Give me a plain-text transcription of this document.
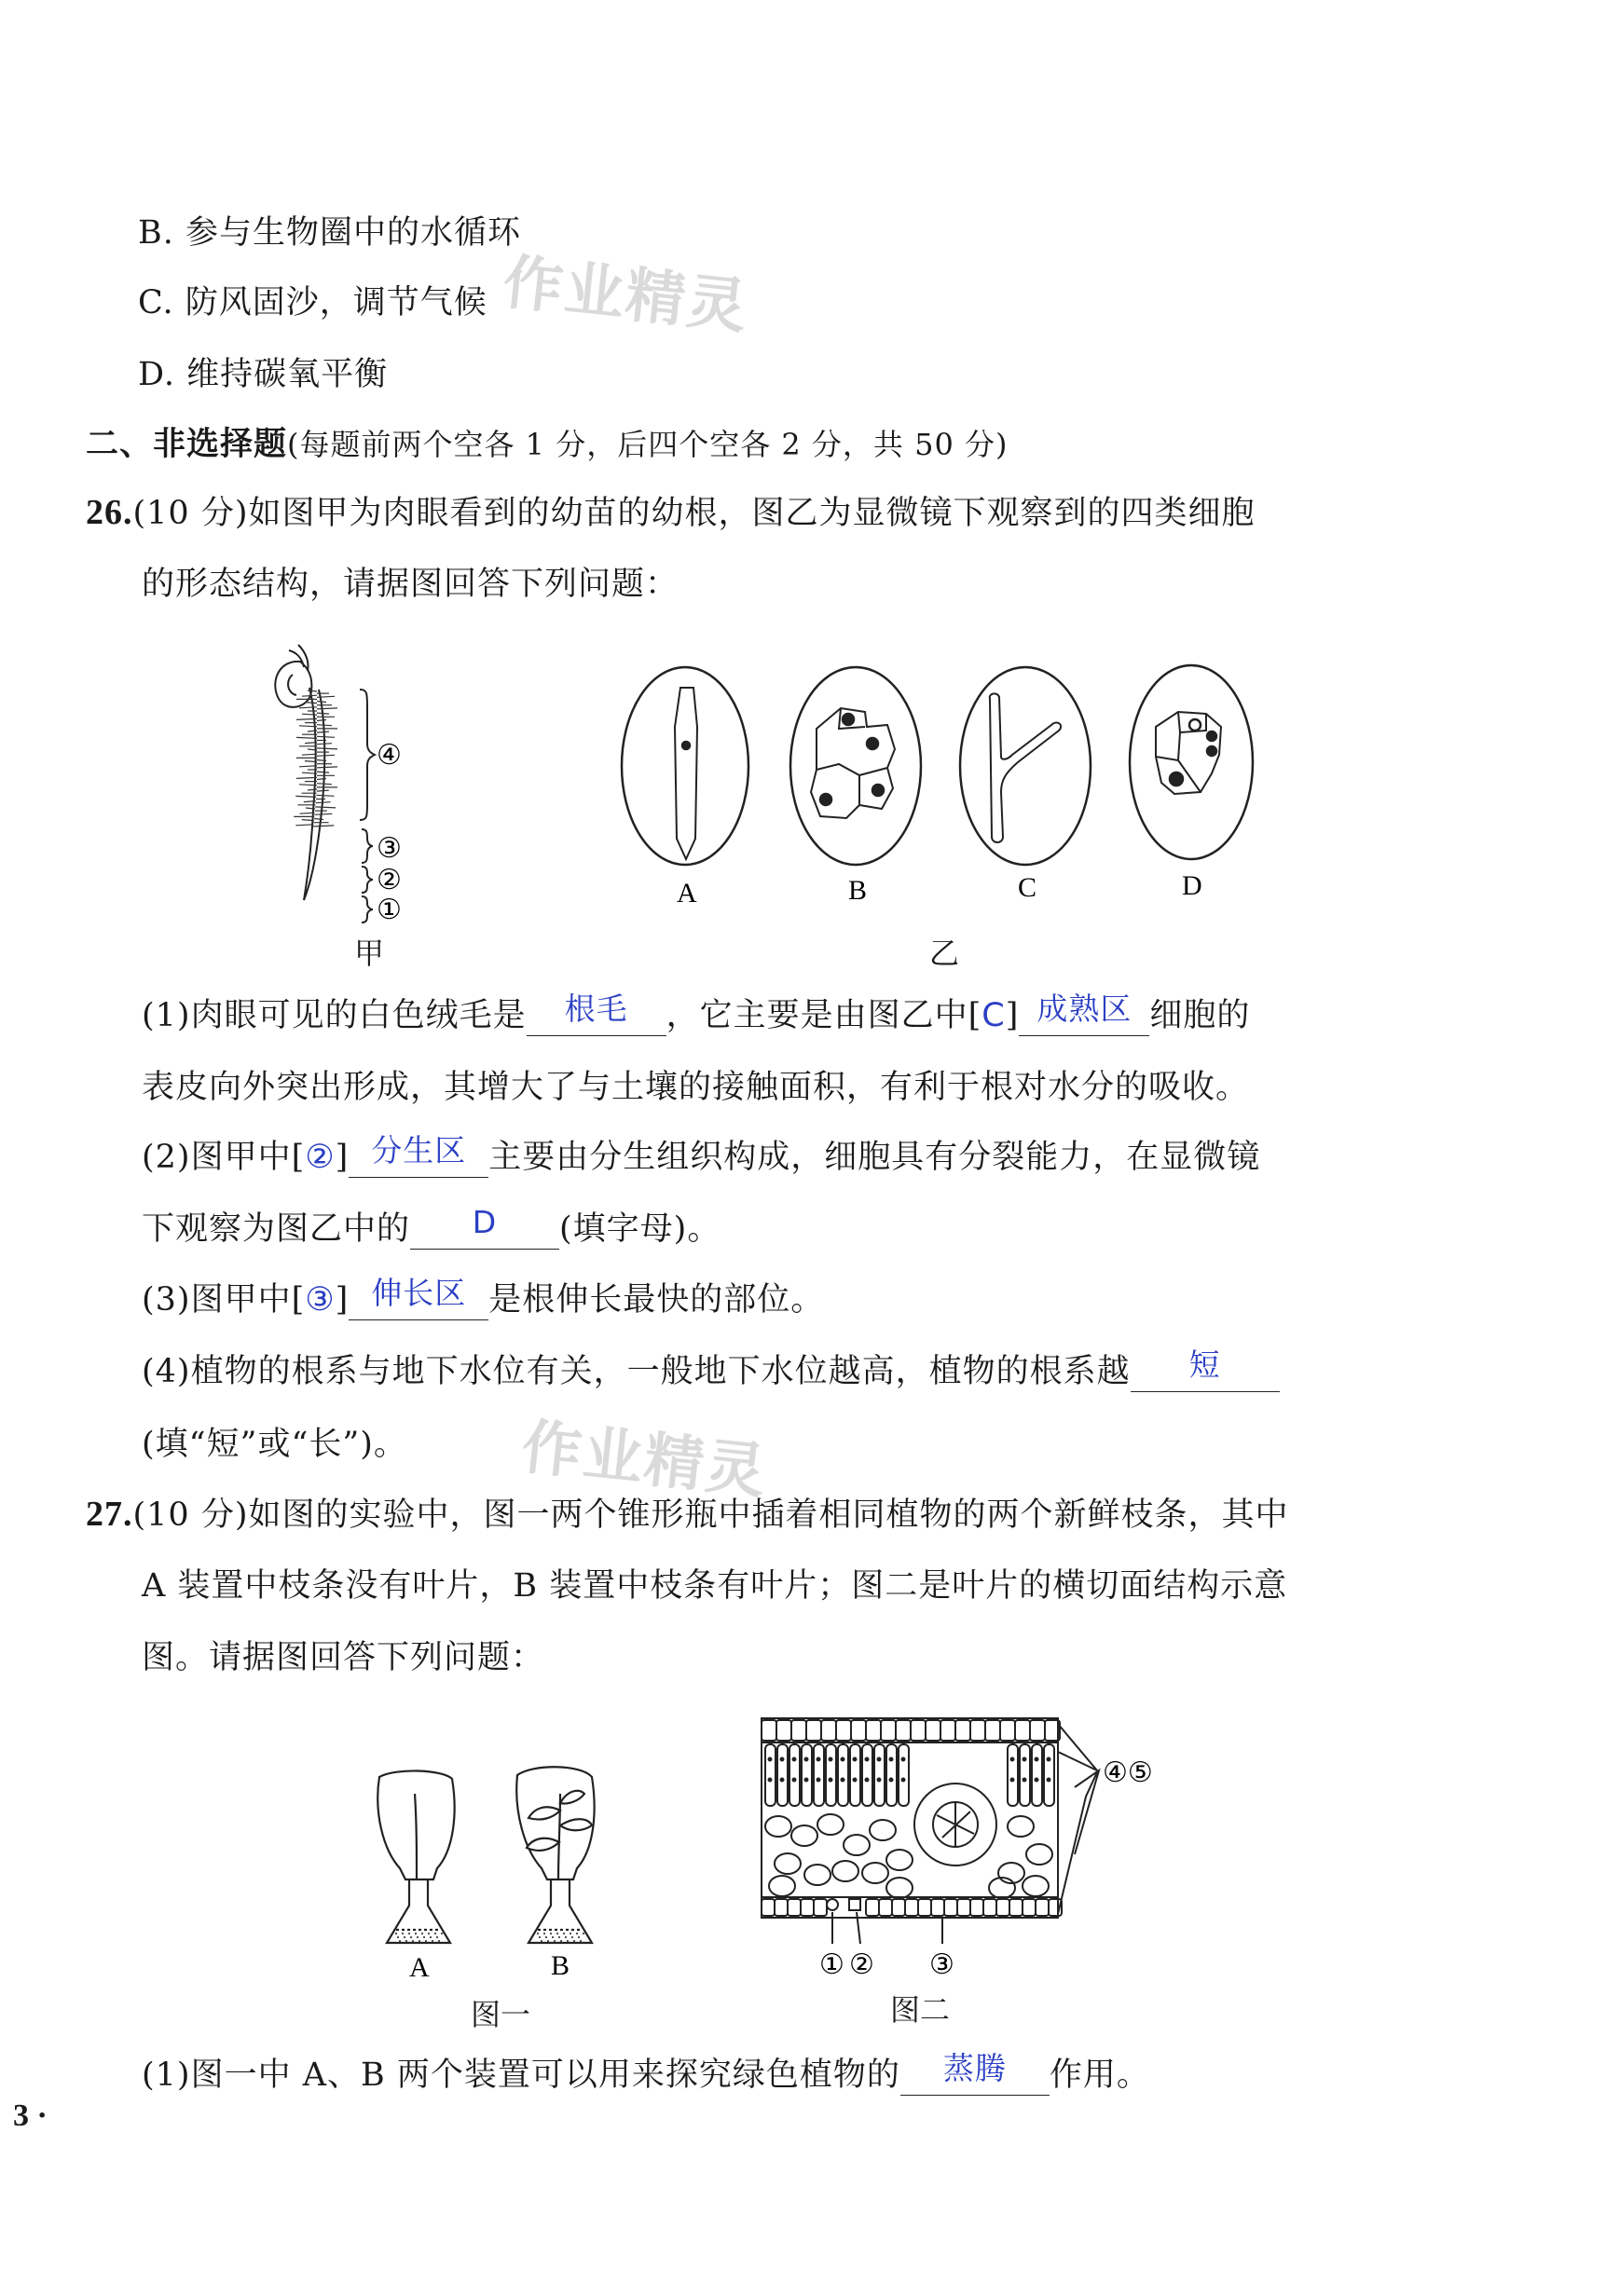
B. 参与生物圈中的水循环
C. 防风固沙，调节气候
D. 维持碳氧平衡
作业精灵
二、非选择题(每题前两个空各 1 分，后四个空各 2 分，共 50 分)
26.(10 分)如图甲为肉眼看到的幼苗的幼根，图乙为显微镜下观察到的四类细胞
的形态结构，请据图回答下列问题：
④
③
②
①
甲
A	B	C	D
乙
(1)肉眼可见的白色绒毛是	根毛	，它主要是由图乙中[C] 成熟区 细胞的
表皮向外突出形成，其增大了与土壤的接触面积，有利于根对水分的吸收。
(2)图甲中[②] 分生区 主要由分生组织构成，细胞具有分裂能力，在显微镜
下观察为图乙中的	D	(填字母)。
(3)图甲中[③] 伸长区 是根伸长最快的部位。
(4)植物的根系与地下水位有关，一般地下水位越高，植物的根系越	短
(填“短”或“长”)。 作业精灵
27.(10 分)如图的实验中，图一两个锥形瓶中插着相同植物的两个新鲜枝条，其中
A 装置中枝条没有叶片，B 装置中枝条有叶片；图二是叶片的横切面结构示意
图。请据图回答下列问题：
A	B
图一
④⑤
① ② ③
图二
(1)图一中 A、B 两个装置可以用来探究绿色植物的	蒸腾	作用。
3 ·
